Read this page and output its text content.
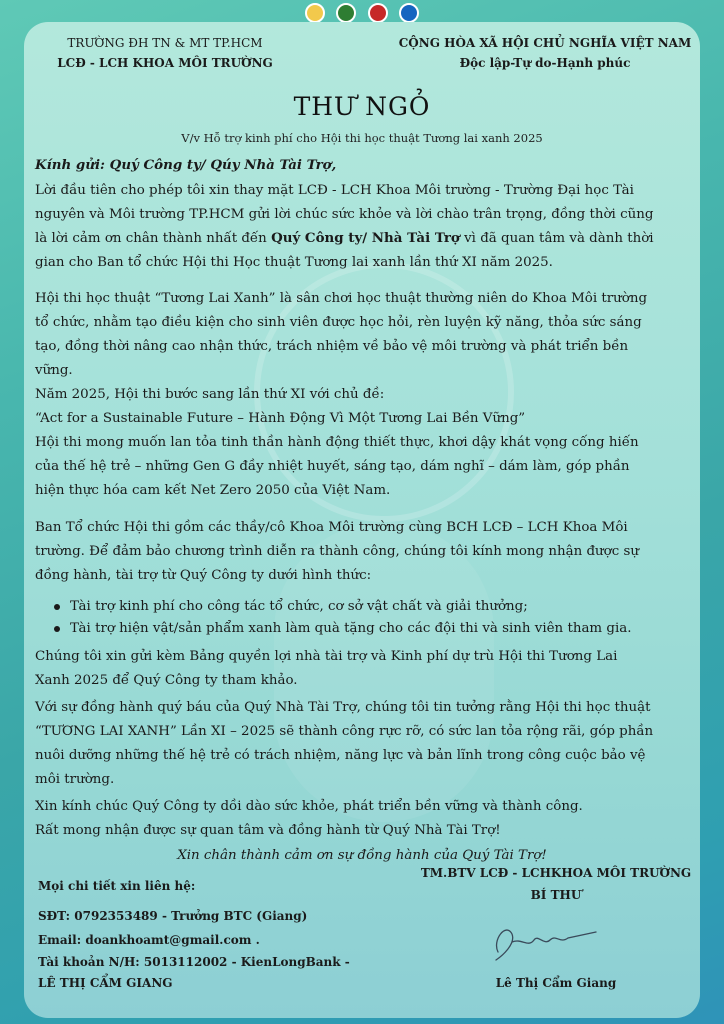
TRƯỜNG ĐH TN & MT TP.HCM
LCĐ - LCH KHOA MÔI TRƯỜNG
CỘNG HÒA XÃ HỘI CHỦ NGHĨA VIỆT NAM
Độc lập-Tự do-Hạnh phúc
THƯ NGỎ
V/v Hỗ trợ kinh phí cho Hội thi học thuật Tương lai xanh 2025
Kính gửi: Quý Công ty/ Qúy Nhà Tài Trợ,
Lời đầu tiên cho phép tôi xin thay mặt LCĐ - LCH Khoa Môi trường - Trường Đại học Tài
nguyên và Môi trường TP.HCM gửi lời chúc sức khỏe và lời chào trân trọng, đồng thời cũng
là lời cảm ơn chân thành nhất đến Quý Công ty/ Nhà Tài Trợ vì đã quan tâm và dành thời
gian cho Ban tổ chức Hội thi Học thuật Tương lai xanh lần thứ XI năm 2025.
Hội thi học thuật “Tương Lai Xanh” là sân chơi học thuật thường niên do Khoa Môi trường
tổ chức, nhằm tạo điều kiện cho sinh viên được học hỏi, rèn luyện kỹ năng, thỏa sức sáng
tạo, đồng thời nâng cao nhận thức, trách nhiệm về bảo vệ môi trường và phát triển bền
vững.
Năm 2025, Hội thi bước sang lần thứ XI với chủ đề:
“Act for a Sustainable Future – Hành Động Vì Một Tương Lai Bền Vững”
Hội thi mong muốn lan tỏa tinh thần hành động thiết thực, khơi dậy khát vọng cống hiến
của thế hệ trẻ – những Gen G đầy nhiệt huyết, sáng tạo, dám nghĩ – dám làm, góp phần
hiện thực hóa cam kết Net Zero 2050 của Việt Nam.
Ban Tổ chức Hội thi gồm các thầy/cô Khoa Môi trường cùng BCH LCĐ – LCH Khoa Môi
trường. Để đảm bảo chương trình diễn ra thành công, chúng tôi kính mong nhận được sự
đồng hành, tài trợ từ Quý Công ty dưới hình thức:
Tài trợ kinh phí cho công tác tổ chức, cơ sở vật chất và giải thưởng;
Tài trợ hiện vật/sản phẩm xanh làm quà tặng cho các đội thi và sinh viên tham gia.
Chúng tôi xin gửi kèm Bảng quyền lợi nhà tài trợ và Kinh phí dự trù Hội thi Tương Lai
Xanh 2025 để Quý Công ty tham khảo.
Với sự đồng hành quý báu của Quý Nhà Tài Trợ, chúng tôi tin tưởng rằng Hội thi học thuật
“TƯƠNG LAI XANH” Lần XI – 2025 sẽ thành công rực rỡ, có sức lan tỏa rộng rãi, góp phần
nuôi dưỡng những thế hệ trẻ có trách nhiệm, năng lực và bản lĩnh trong công cuộc bảo vệ
môi trường.
Xin kính chúc Quý Công ty dồi dào sức khỏe, phát triển bền vững và thành công.
Rất mong nhận được sự quan tâm và đồng hành từ Quý Nhà Tài Trợ!
Xin chân thành cảm ơn sự đồng hành của Quý Tài Trợ!
Mọi chi tiết xin liên hệ:
SĐT: 0792353489 - Trưởng BTC (Giang)
Email: doankhoamt@gmail.com .
Tài khoản N/H: 5013112002 - KienLongBank -
LÊ THỊ CẨM GIANG
TM.BTV LCĐ - LCHKHOA MÔI TRƯỜNG
BÍ THƯ
Lê Thị Cẩm Giang
